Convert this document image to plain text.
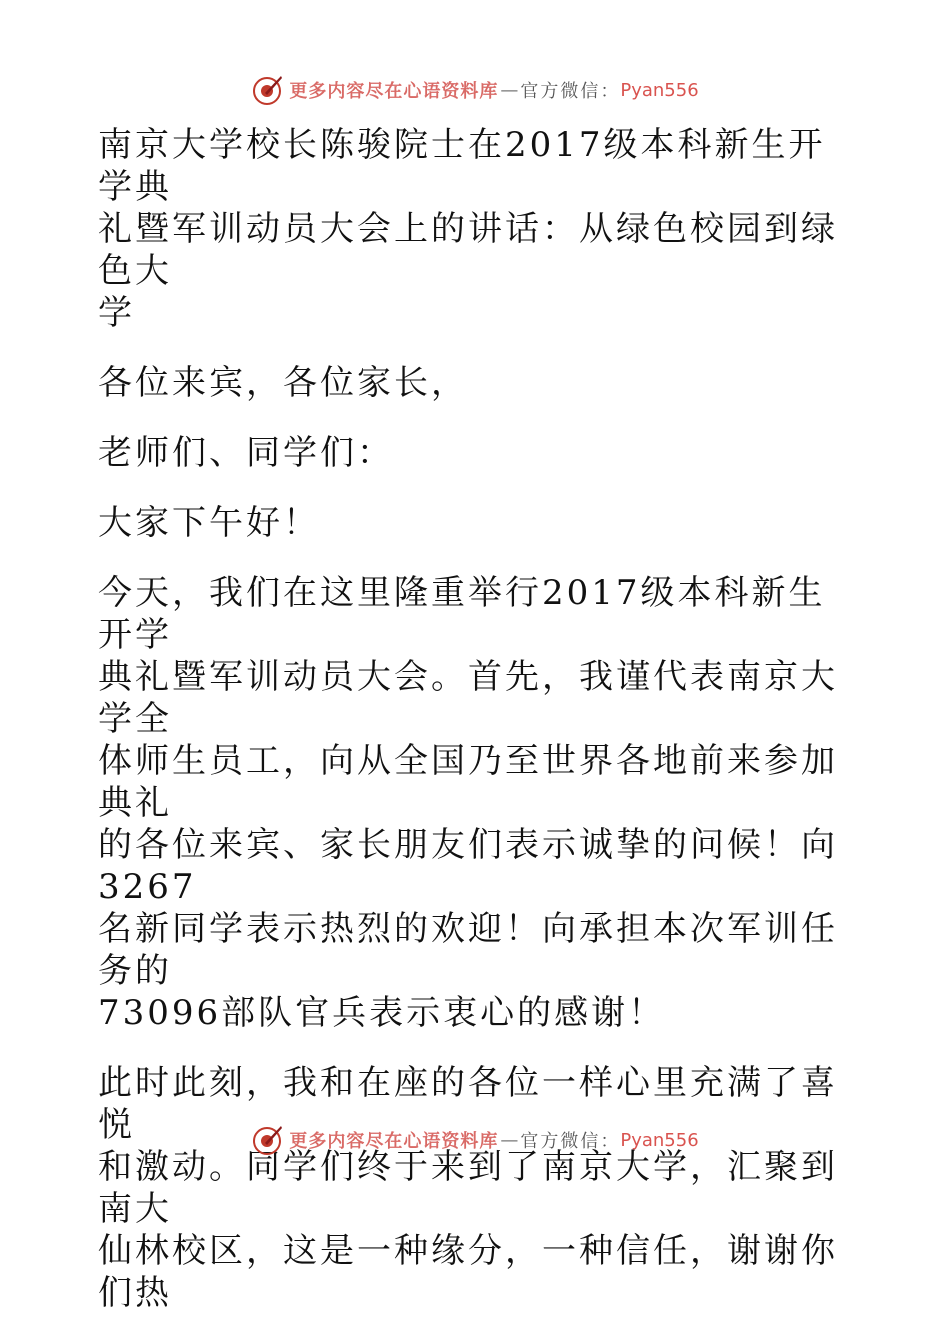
更多内容尽在心语资料库 — 官方微信： Pyan556
南京大学校长陈骏院士在2017级本科新生开学典
礼暨军训动员大会上的讲话：从绿色校园到绿色大
学
各位来宾，各位家长，
老师们、同学们：
大家下午好！
今天，我们在这里隆重举行2017级本科新生开学
典礼暨军训动员大会。首先，我谨代表南京大学全
体师生员工，向从全国乃至世界各地前来参加典礼
的各位来宾、家长朋友们表示诚挚的问候！向3267
名新同学表示热烈的欢迎！向承担本次军训任务的
73096部队官兵表示衷心的感谢！
此时此刻，我和在座的各位一样心里充满了喜悦
和激动。同学们终于来到了南京大学，汇聚到南大
仙林校区，这是一种缘分，一种信任，谢谢你们热
更多内容尽在心语资料库 — 官方微信： Pyan556
